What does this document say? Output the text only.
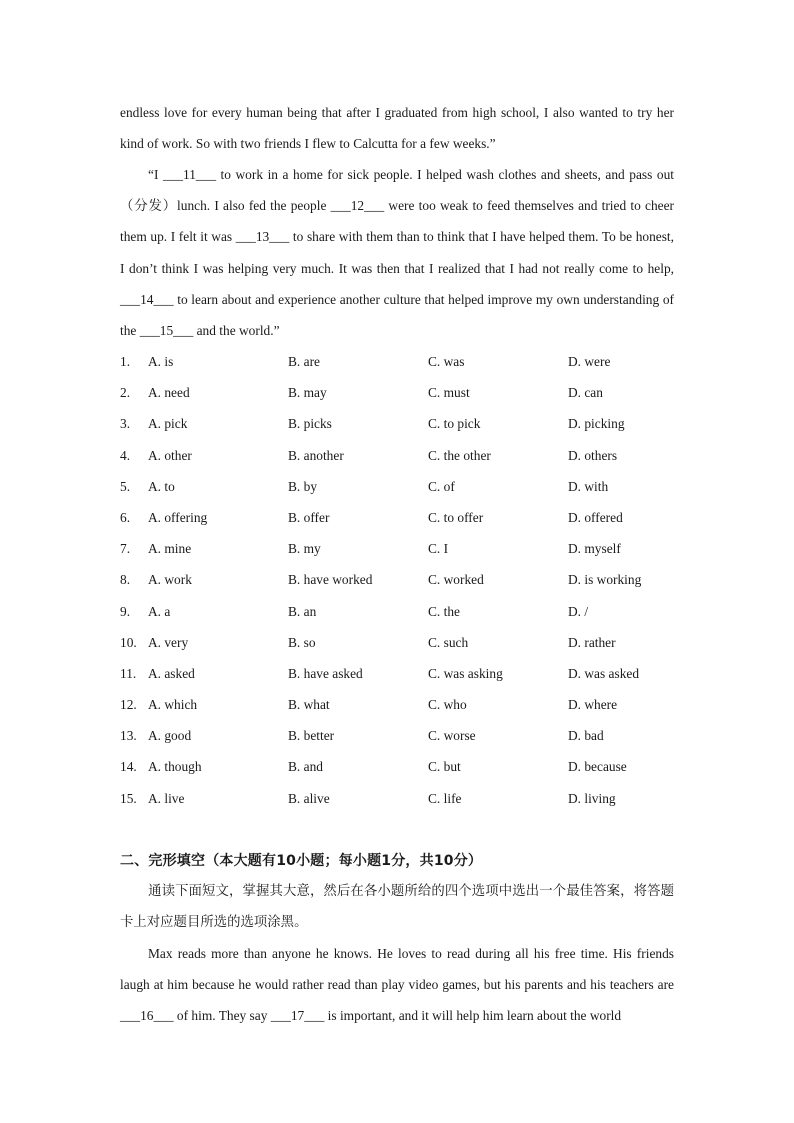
endless love for every human being that after I graduated from high school, I also wanted to try her kind of work. So with two friends I flew to Calcutta for a few weeks.”
“I ___11___ to work in a home for sick people. I helped wash clothes and sheets, and pass out（分发）lunch. I also fed the people ___12___ were too weak to feed themselves and tried to cheer them up. I felt it was ___13___ to share with them than to think that I have helped them. To be honest, I don’t think I was helping very much. It was then that I realized that I had not really come to help, ___14___ to learn about and experience another culture that helped improve my own understanding of the ___15___ and the world.”
1. A. is	B. are	C. was	D. were
2. A. need	B. may	C. must	D. can
3. A. pick	B. picks	C. to pick	D. picking
4. A. other	B. another	C. the other	D. others
5. A. to	B. by	C. of	D. with
6. A. offering	B. offer	C. to offer	D. offered
7. A. mine	B. my	C. I	D. myself
8. A. work	B. have worked	C. worked	D. is working
9. A. a	B. an	C. the	D. /
10. A. very	B. so	C. such	D. rather
11. A. asked	B. have asked	C. was asking	D. was asked
12. A. which	B. what	C. who	D. where
13. A. good	B. better	C. worse	D. bad
14. A. though	B. and	C. but	D. because
15. A. live	B. alive	C. life	D. living
二、完形填空（本大题有10小题；每小题1分，共10分）
通读下面短文，掌握其大意，然后在各小题所给的四个选项中选出一个最佳答案，将答题卡上对应题目所选的选项涂黑。
Max reads more than anyone he knows. He loves to read during all his free time. His friends laugh at him because he would rather read than play video games, but his parents and his teachers are ___16___ of him. They say ___17___ is important, and it will help him learn about the world
